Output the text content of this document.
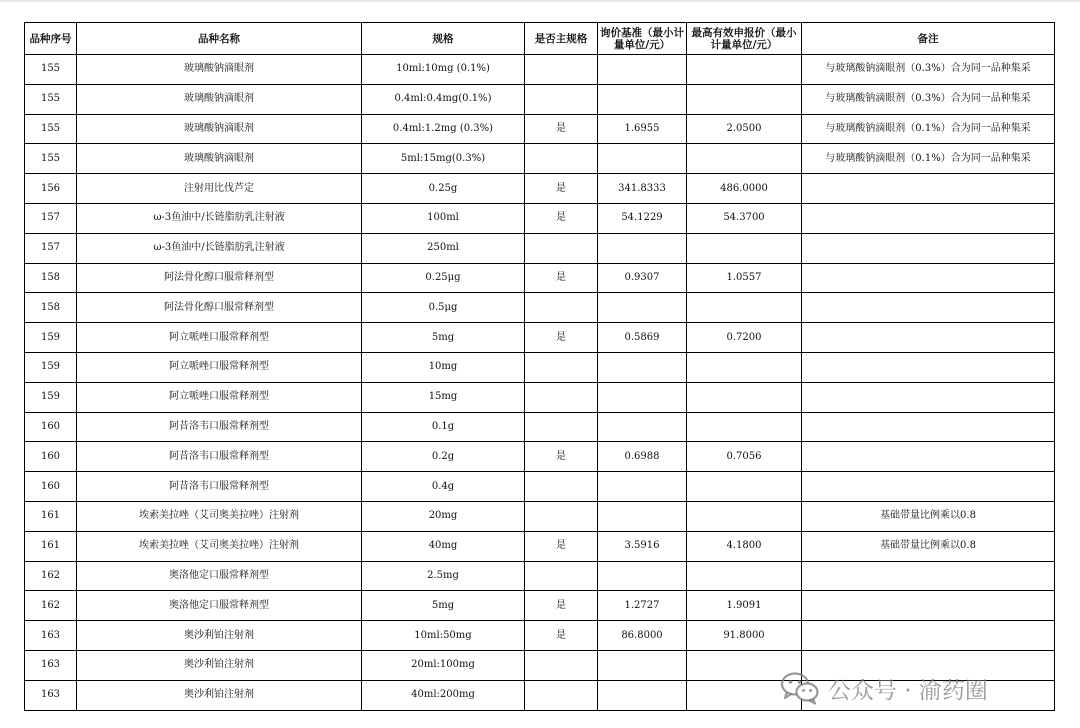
品种序号	品种名称	规格	是否主规格	询价基准（最小计量单位/元）	最高有效申报价（最小计量单位/元）	备注
155	玻璃酸钠滴眼剂	10ml:10mg (0.1%)				与玻璃酸钠滴眼剂（0.3%）合为同一品种集采
155	玻璃酸钠滴眼剂	0.4ml:0.4mg(0.1%)				与玻璃酸钠滴眼剂（0.3%）合为同一品种集采
155	玻璃酸钠滴眼剂	0.4ml:1.2mg (0.3%)	是	1.6955	2.0500	与玻璃酸钠滴眼剂（0.1%）合为同一品种集采
155	玻璃酸钠滴眼剂	5ml:15mg(0.3%)				与玻璃酸钠滴眼剂（0.1%）合为同一品种集采
156	注射用比伐芦定	0.25g	是	341.8333	486.0000	
157	ω-3鱼油中/长链脂肪乳注射液	100ml	是	54.1229	54.3700	
157	ω-3鱼油中/长链脂肪乳注射液	250ml				
158	阿法骨化醇口服常释剂型	0.25μg	是	0.9307	1.0557	
158	阿法骨化醇口服常释剂型	0.5μg				
159	阿立哌唑口服常释剂型	5mg	是	0.5869	0.7200	
159	阿立哌唑口服常释剂型	10mg				
159	阿立哌唑口服常释剂型	15mg				
160	阿昔洛韦口服常释剂型	0.1g				
160	阿昔洛韦口服常释剂型	0.2g	是	0.6988	0.7056	
160	阿昔洛韦口服常释剂型	0.4g				
161	埃索美拉唑（艾司奥美拉唑）注射剂	20mg				基础带量比例乘以0.8
161	埃索美拉唑（艾司奥美拉唑）注射剂	40mg	是	3.5916	4.1800	基础带量比例乘以0.8
162	奥洛他定口服常释剂型	2.5mg				
162	奥洛他定口服常释剂型	5mg	是	1.2727	1.9091	
163	奥沙利铂注射剂	10ml:50mg	是	86.8000	91.8000	
163	奥沙利铂注射剂	20ml:100mg				
163	奥沙利铂注射剂	40ml:200mg					公众号 · 渝药圈
